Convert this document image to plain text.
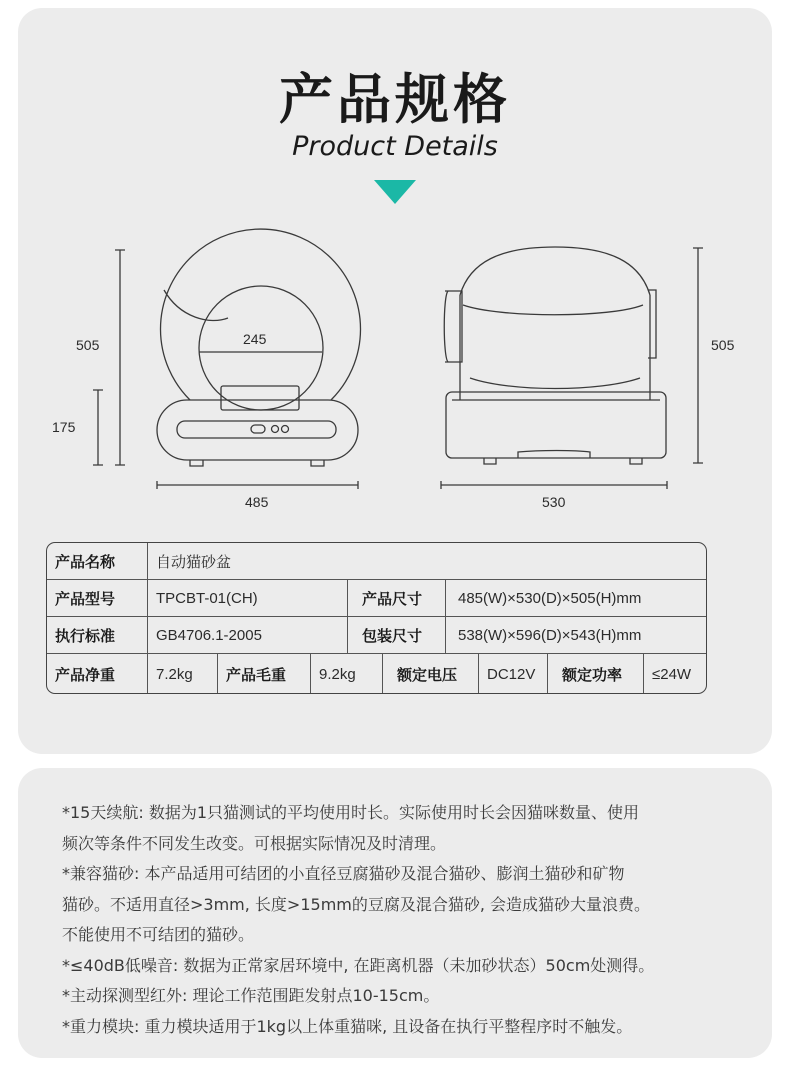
*15天续航: 数据为1只猫测试的平均使用时长。实际使用时长会因猫咪数量、使用
频次等条件不同发生改变。可根据实际情况及时清理。
*兼容猫砂: 本产品适用可结团的小直径豆腐猫砂及混合猫砂、膨润土猫砂和矿物
猫砂。不适用直径>3mm, 长度>15mm的豆腐及混合猫砂, 会造成猫砂大量浪费。
不能使用不可结团的猫砂。
*≤40dB低噪音: 数据为正常家居环境中, 在距离机器（未加砂状态）50cm处测得。
*主动探测型红外: 理论工作范围距发射点10-15cm。
*重力模块: 重力模块适用于1kg以上体重猫咪, 且设备在执行平整程序时不触发。
产品规格
Product Details
505
175
245
485
505
530
产品名称	自动猫砂盆
产品型号	TPCBT-01(CH)	产品尺寸	485(W)×530(D)×505(H)mm
执行标准	GB4706.1-2005	包装尺寸	538(W)×596(D)×543(H)mm
产品净重	7.2kg	产品毛重	9.2kg	额定电压	DC12V	额定功率	≤24W
